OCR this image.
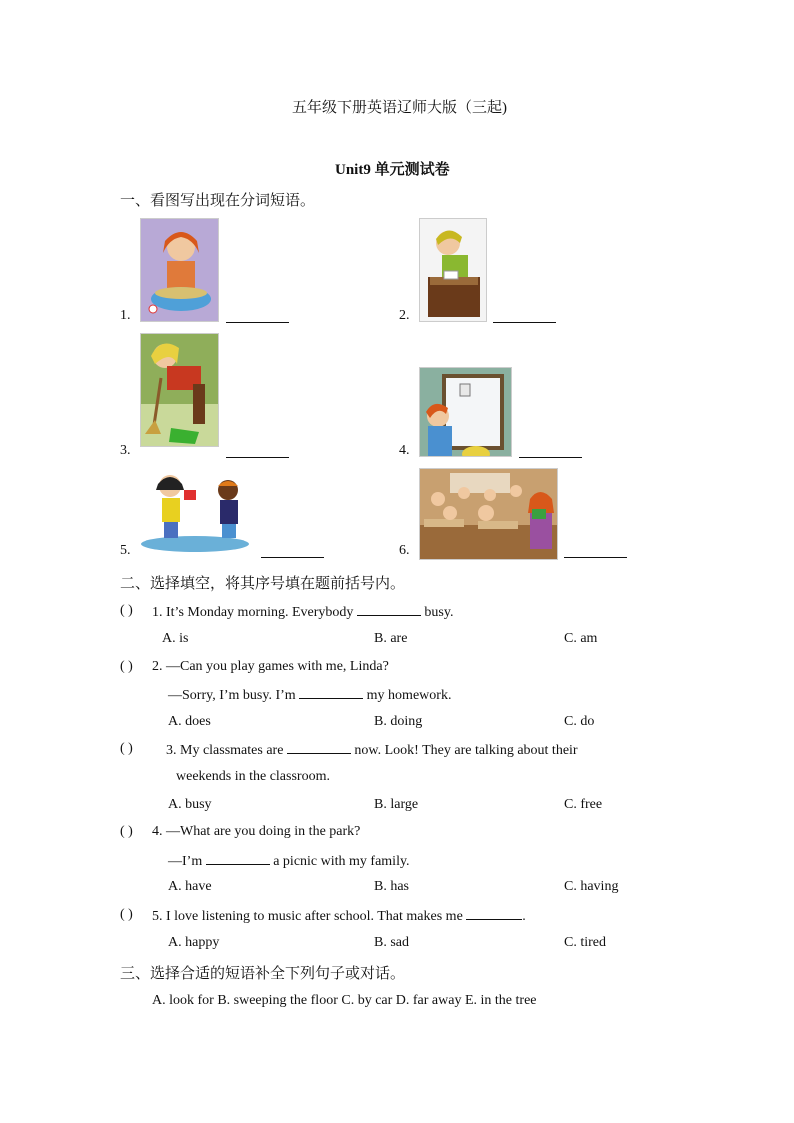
五年级下册英语辽师大版（三起)
Unit9 单元测试卷
一、看图写出现在分词短语。
1.	2.
3.	4.
5.	6.
二、选择填空，将其序号填在题前括号内。
( ) 1. It’s Monday morning. Everybody	busy.
A. is	B. are	C. am
( ) 2. —Can you play games with me, Linda?
—Sorry, I’m busy. I’m	my homework.
A. does	B. doing	C. do
( ) 3. My classmates are	now. Look! They are talking about their
weekends in the classroom.
A. busy	B. large	C. free
( ) 4. —What are you doing in the park?
—I’m	a picnic with my family.
A. have	B. has	C. having
( ) 5. I love listening to music after school. That makes me	.
A. happy	B. sad	C. tired
三、选择合适的短语补全下列句子或对话。
A. look for B. sweeping the floor C. by car D. far away E. in the tree
